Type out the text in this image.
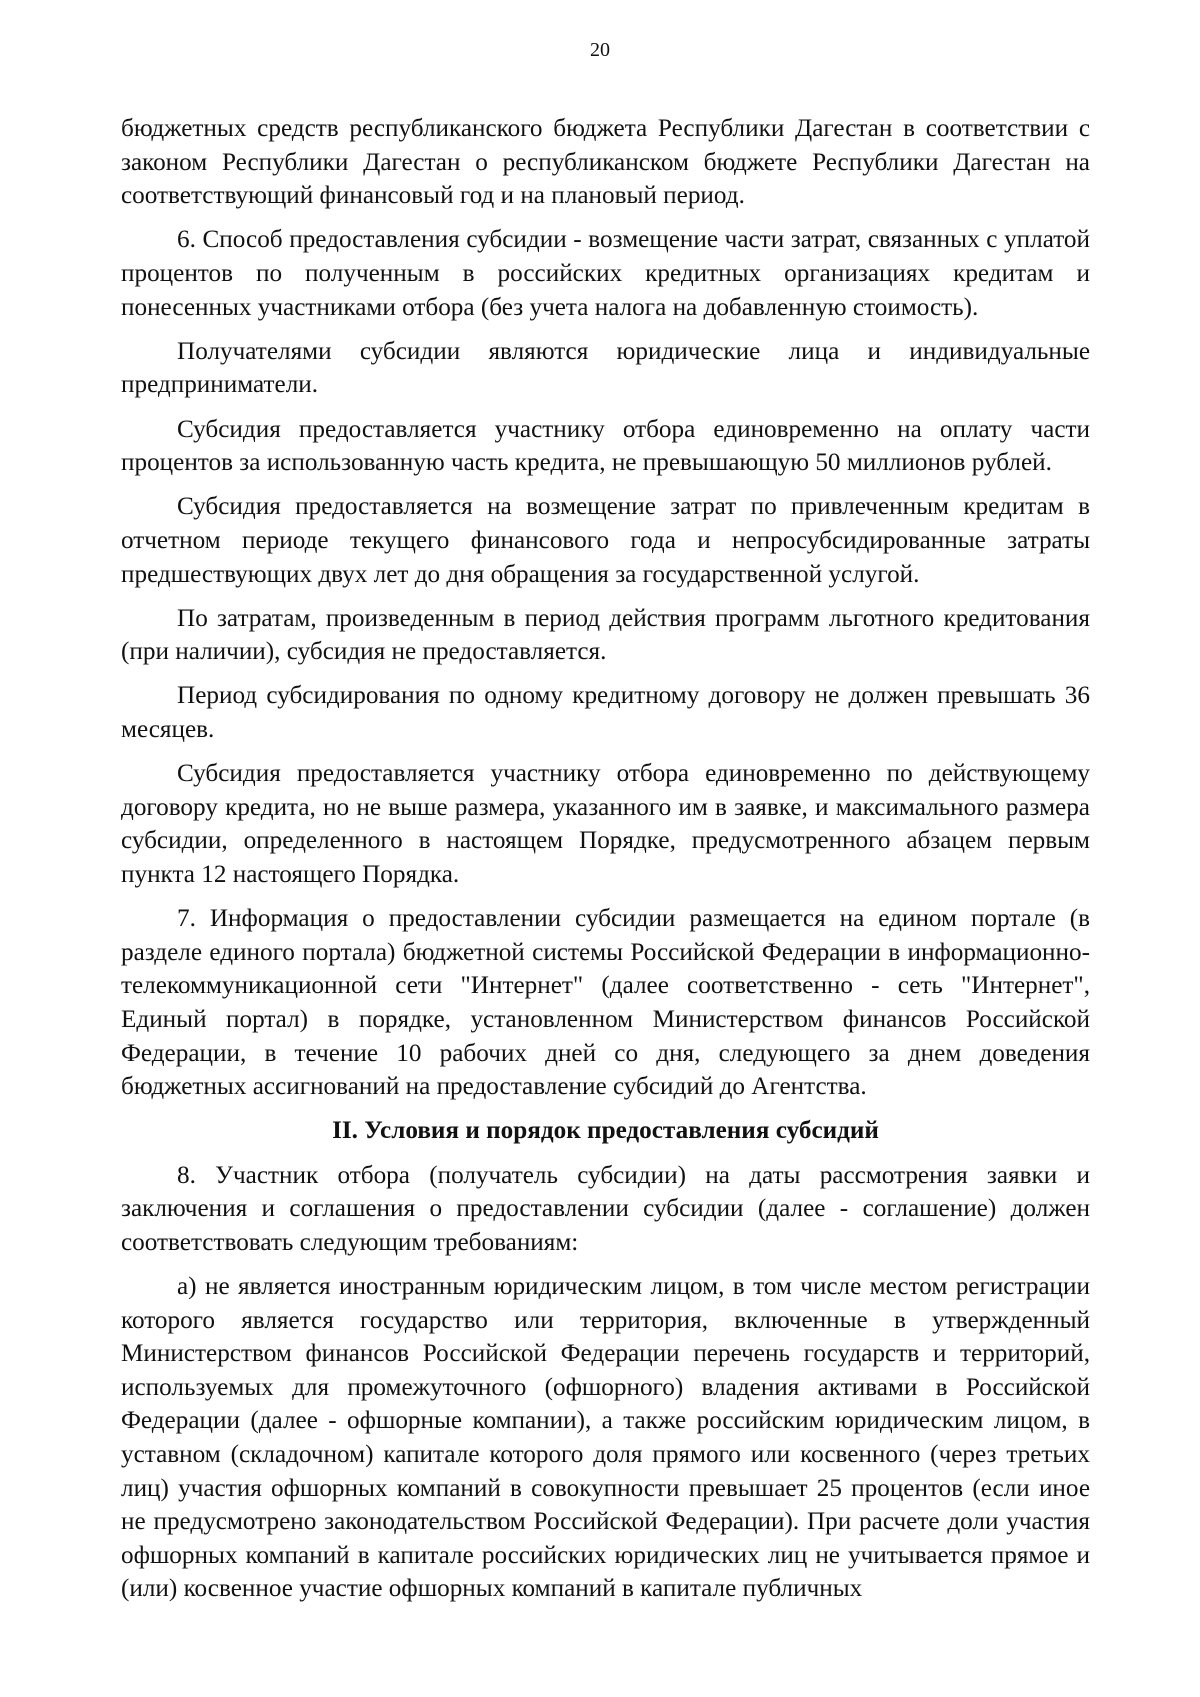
20

бюджетных средств республиканского бюджета Республики Дагестан в соответствии с законом Республики Дагестан о республиканском бюджете Республики Дагестан на соответствующий финансовый год и на плановый период.

6. Способ предоставления субсидии - возмещение части затрат, связанных с уплатой процентов по полученным в российских кредитных организациях кредитам и понесенных участниками отбора (без учета налога на добавленную стоимость).

Получателями субсидии являются юридические лица и индивидуальные предприниматели.

Субсидия предоставляется участнику отбора единовременно на оплату части процентов за использованную часть кредита, не превышающую 50 миллионов рублей.

Субсидия предоставляется на возмещение затрат по привлеченным кредитам в отчетном периоде текущего финансового года и непросубсидированные затраты предшествующих двух лет до дня обращения за государственной услугой.

По затратам, произведенным в период действия программ льготного кредитования (при наличии), субсидия не предоставляется.

Период субсидирования по одному кредитному договору не должен превышать 36 месяцев.

Субсидия предоставляется участнику отбора единовременно по действующему договору кредита, но не выше размера, указанного им в заявке, и максимального размера субсидии, определенного в настоящем Порядке, предусмотренного абзацем первым пункта 12 настоящего Порядка.

7. Информация о предоставлении субсидии размещается на едином портале (в разделе единого портала) бюджетной системы Российской Федерации в информационно-телекоммуникационной сети "Интернет" (далее соответственно - сеть "Интернет", Единый портал) в порядке, установленном Министерством финансов Российской Федерации, в течение 10 рабочих дней со дня, следующего за днем доведения бюджетных ассигнований на предоставление субсидий до Агентства.

II. Условия и порядок предоставления субсидий

8. Участник отбора (получатель субсидии) на даты рассмотрения заявки и заключения и соглашения о предоставлении субсидии (далее - соглашение) должен соответствовать следующим требованиям:

а) не является иностранным юридическим лицом, в том числе местом регистрации которого является государство или территория, включенные в утвержденный Министерством финансов Российской Федерации перечень государств и территорий, используемых для промежуточного (офшорного) владения активами в Российской Федерации (далее - офшорные компании), а также российским юридическим лицом, в уставном (складочном) капитале которого доля прямого или косвенного (через третьих лиц) участия офшорных компаний в совокупности превышает 25 процентов (если иное не предусмотрено законодательством Российской Федерации). При расчете доли участия офшорных компаний в капитале российских юридических лиц не учитывается прямое и (или) косвенное участие офшорных компаний в капитале публичных
